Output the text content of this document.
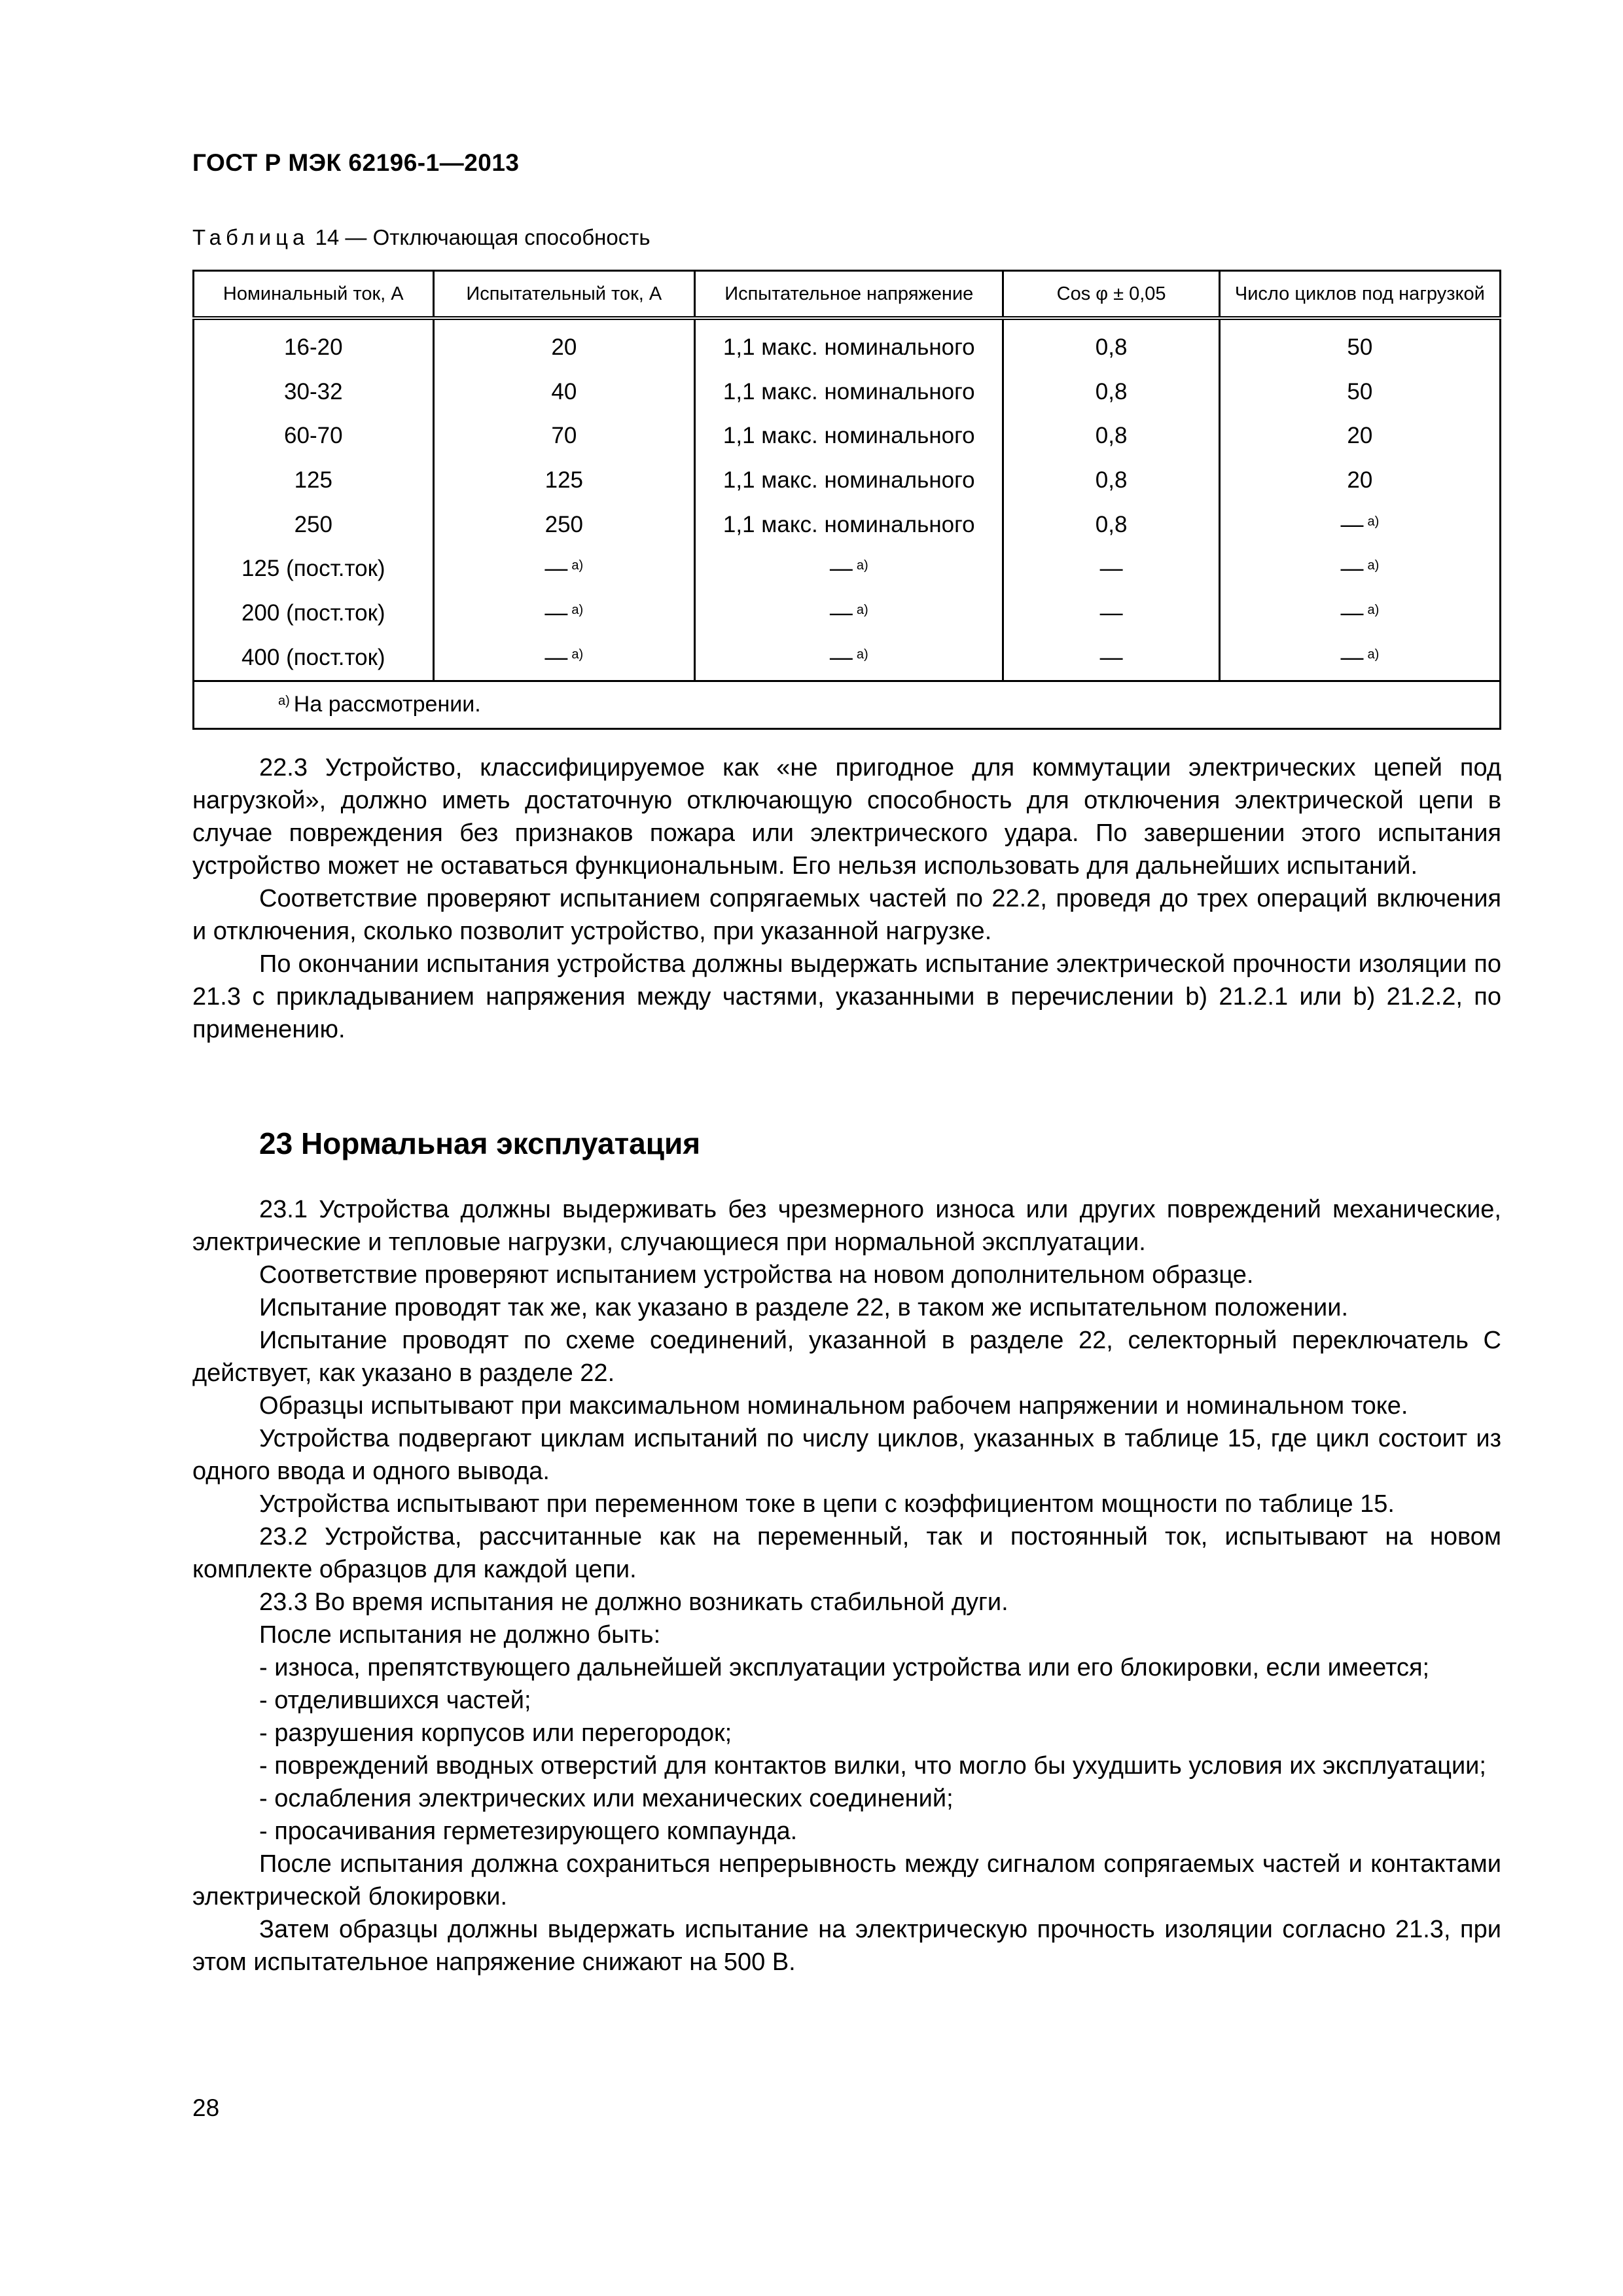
ГОСТ Р МЭК 62196-1—2013
Таблица 14 — Отключающая способность
Номинальный ток, А	Испытательный ток, А	Испытательное напряжение	Cos φ ± 0,05	Число циклов под нагрузкой
16-20	20	1,1 макс. номинального	0,8	50
30-32	40	1,1 макс. номинального	0,8	50
60-70	70	1,1 макс. номинального	0,8	20
125	125	1,1 макс. номинального	0,8	20
250	250	1,1 макс. номинального	0,8	— $^{а)}$
125 (пост.ток)	— $^{а)}$	— $^{а)}$	—	— $^{а)}$
200 (пост.ток)	— $^{а)}$	— $^{а)}$	—	— $^{а)}$
400 (пост.ток)	— $^{а)}$	— $^{а)}$	—	— $^{а)}$
$^{а)}$ На рассмотрении.				

22.3 Устройство, классифицируемое как «не пригодное для коммутации электрических цепей под нагрузкой», должно иметь достаточную отключающую способность для отключения электрической цепи в случае повреждения без признаков пожара или электрического удара. По завершении этого испытания устройство может не оставаться функциональным. Его нельзя использовать для дальнейших испытаний.

Соответствие проверяют испытанием сопрягаемых частей по 22.2, проведя до трех операций включения и отключения, сколько позволит устройство, при указанной нагрузке.

По окончании испытания устройства должны выдержать испытание электрической прочности изоляции по 21.3 с прикладыванием напряжения между частями, указанными в перечислении b) 21.2.1 или b) 21.2.2, по применению.

23 Нормальная эксплуатация

23.1 Устройства должны выдерживать без чрезмерного износа или других повреждений механические, электрические и тепловые нагрузки, случающиеся при нормальной эксплуатации.

Соответствие проверяют испытанием устройства на новом дополнительном образце.

Испытание проводят так же, как указано в разделе 22, в таком же испытательном положении.

Испытание проводят по схеме соединений, указанной в разделе 22, селекторный переключатель С действует, как указано в разделе 22.

Образцы испытывают при максимальном номинальном рабочем напряжении и номинальном токе.

Устройства подвергают циклам испытаний по числу циклов, указанных в таблице 15, где цикл состоит из одного ввода и одного вывода.

Устройства испытывают при переменном токе в цепи с коэффициентом мощности по таблице 15.

23.2 Устройства, рассчитанные как на переменный, так и постоянный ток, испытывают на новом комплекте образцов для каждой цепи.

23.3 Во время испытания не должно возникать стабильной дуги.

После испытания не должно быть:

- износа, препятствующего дальнейшей эксплуатации устройства или его блокировки, если имеется;

- отделившихся частей;

- разрушения корпусов или перегородок;

- повреждений вводных отверстий для контактов вилки, что могло бы ухудшить условия их эксплуатации;

- ослабления электрических или механических соединений;

- просачивания герметезирующего компаунда.

После испытания должна сохраниться непрерывность между сигналом сопрягаемых частей и контактами электрической блокировки.

Затем образцы должны выдержать испытание на электрическую прочность изоляции согласно 21.3, при этом испытательное напряжение снижают на 500 В.

28
